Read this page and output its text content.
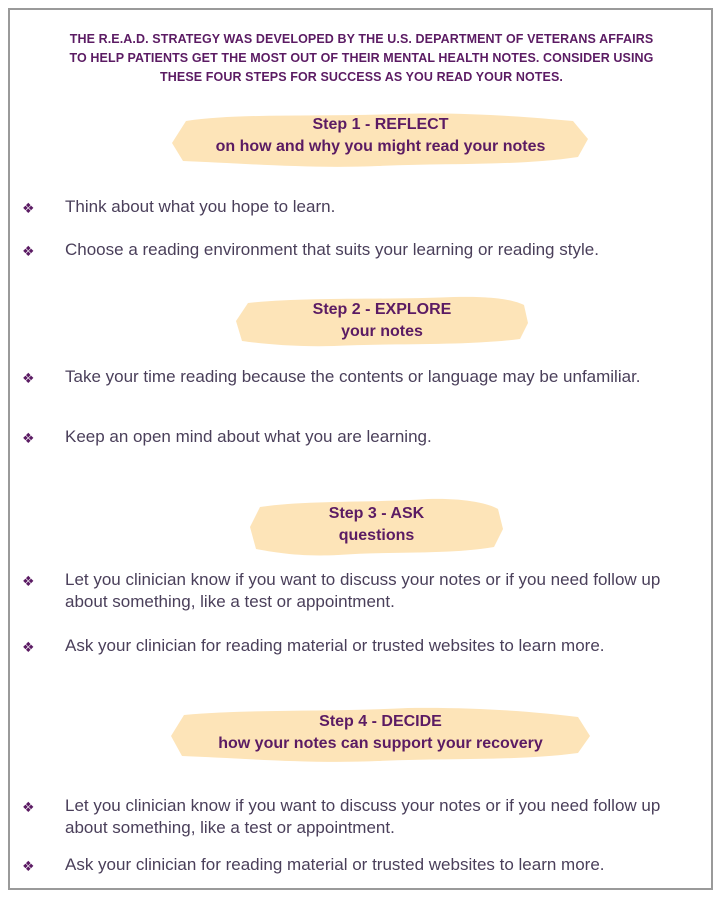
THE R.E.A.D. STRATEGY WAS DEVELOPED BY THE U.S. DEPARTMENT OF VETERANS AFFAIRS

TO HELP PATIENTS GET THE MOST OUT OF THEIR MENTAL HEALTH NOTES. CONSIDER USING

THESE FOUR STEPS FOR SUCCESS AS YOU READ YOUR NOTES.

Step 1 - REFLECT
on how and why you might read your notes
❖ Think about what you hope to learn.
❖ Choose a reading environment that suits your learning or reading style.
Step 2 - EXPLORE
your notes
❖ Take your time reading because the contents or language may be unfamiliar.
❖ Keep an open mind about what you are learning.
Step 3 - ASK
questions
❖ Let you clinician know if you want to discuss your notes or if you need follow up about something, like a test or appointment.
❖ Ask your clinician for reading material or trusted websites to learn more.
Step 4 - DECIDE
how your notes can support your recovery
❖ Let you clinician know if you want to discuss your notes or if you need follow up about something, like a test or appointment.
❖ Ask your clinician for reading material or trusted websites to learn more.
